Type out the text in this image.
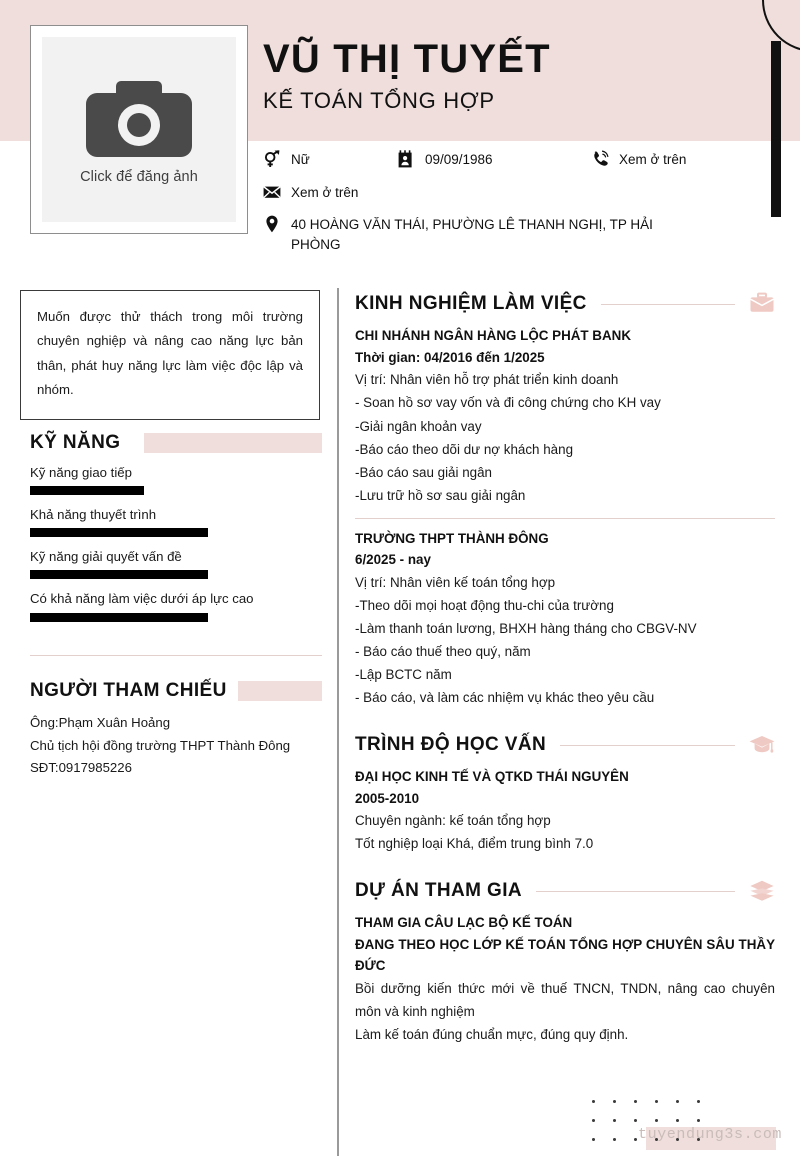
Click để đăng ảnh
VŨ THỊ TUYẾT
KẾ TOÁN TỔNG HỢP
Nữ	09/09/1986	Xem ở trên
Xem ở trên
40 HOÀNG VĂN THÁI, PHƯỜNG LÊ THANH NGHỊ, TP HẢI PHÒNG

Muốn được thử thách trong môi trường chuyên nghiệp và nâng cao năng lực bản thân, phát huy năng lực làm việc độc lập và nhóm.

KỸ NĂNG
Kỹ năng giao tiếp
Khả năng thuyết trình
Kỹ năng giải quyết vấn đề
Có khả năng làm việc dưới áp lực cao
NGƯỜI THAM CHIẾU
Ông:Phạm Xuân Hoảng
Chủ tịch hội đồng trường THPT Thành Đông
SĐT:0917985226
KINH NGHIỆM LÀM VIỆC
CHI NHÁNH NGÂN HÀNG LỘC PHÁT BANK
Thời gian: 04/2016 đến 1/2025
Vị trí: Nhân viên hỗ trợ phát triển kinh doanh
- Soan hồ sơ vay vốn và đi công chứng cho KH vay
-Giải ngân khoản vay
-Báo cáo theo dõi dư nợ khách hàng
-Báo cáo sau giải ngân
-Lưu trữ hồ sơ sau giải ngân
TRƯỜNG THPT THÀNH ĐÔNG
6/2025 - nay
Vị trí: Nhân viên kế toán tổng hợp
-Theo dõi mọi hoạt động thu-chi của trường
-Làm thanh toán lương, BHXH hàng tháng cho CBGV-NV
- Báo cáo thuế theo quý, năm
-Lập BCTC năm
- Báo cáo, và làm các nhiệm vụ khác theo yêu cầu
TRÌNH ĐỘ HỌC VẤN
ĐẠI HỌC KINH TẾ VÀ QTKD THÁI NGUYÊN
2005-2010
Chuyên ngành: kế toán tổng hợp
Tốt nghiệp loại Khá, điểm trung bình 7.0
DỰ ÁN THAM GIA
THAM GIA CÂU LẠC BỘ KẾ TOÁN
ĐANG THEO HỌC LỚP KẾ TOÁN TỔNG HỢP CHUYÊN SÂU THẦY ĐỨC
Bồi dưỡng kiến thức mới về thuế TNCN, TNDN, nâng cao chuyên môn và kinh nghiệm
Làm kế toán đúng chuẩn mực, đúng quy định.
tuyendung3s.com
